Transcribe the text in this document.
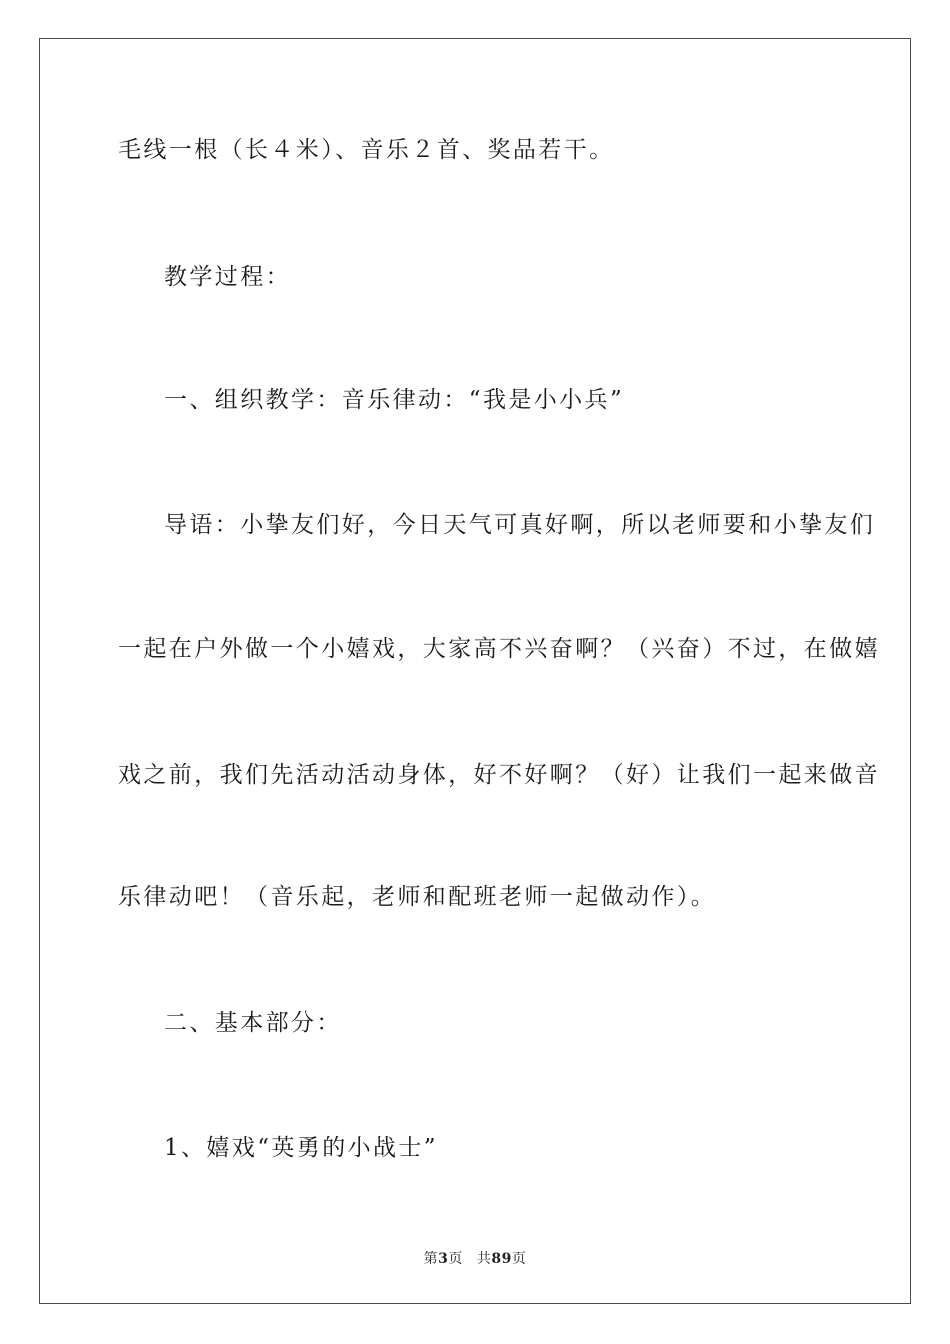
毛线一根（长４米）、音乐２首、奖品若干。
教学过程：
一、组织教学：音乐律动：“我是小小兵”
导语：小挚友们好，今日天气可真好啊，所以老师要和小挚友们
一起在户外做一个小嬉戏，大家高不兴奋啊？（兴奋）不过，在做嬉
戏之前，我们先活动活动身体，好不好啊？（好）让我们一起来做音
乐律动吧！（音乐起，老师和配班老师一起做动作）。
二、基本部分：
1、嬉戏“英勇的小战士”
第3页 共89页
